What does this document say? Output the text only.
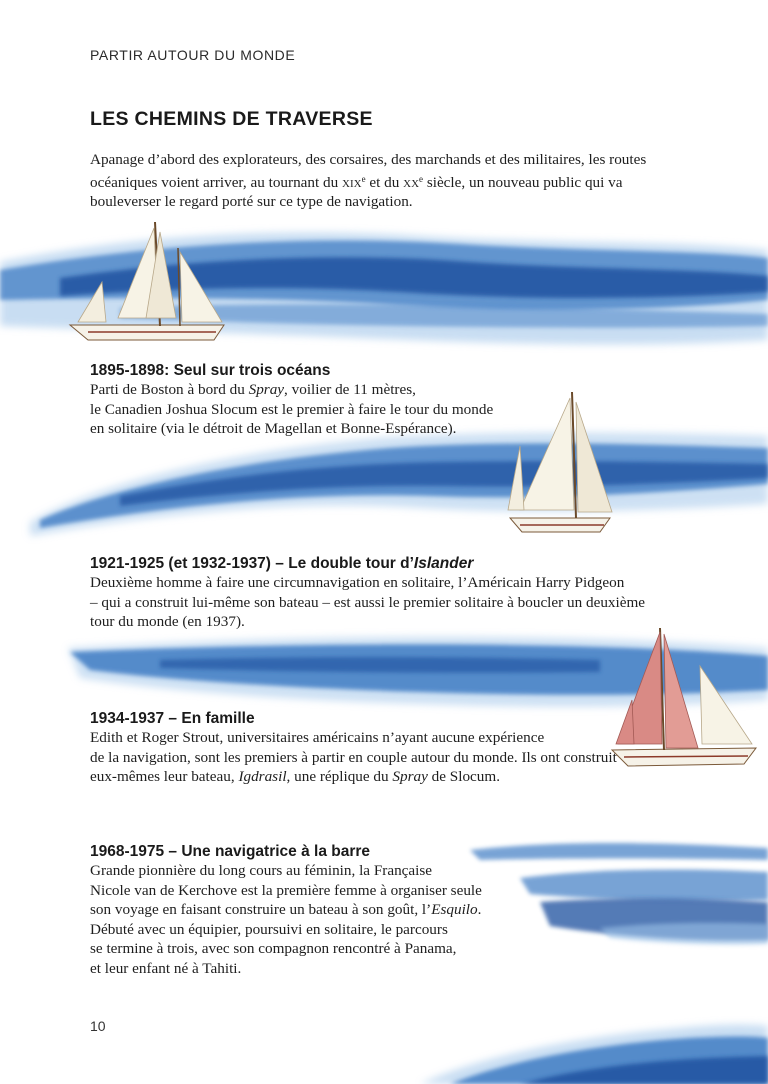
PARTIR AUTOUR DU MONDE
LES CHEMINS DE TRAVERSE

Apanage d’abord des explorateurs, des corsaires, des marchands et des militaires, les routes océaniques voient arriver, au tournant du xix$^e$ et du $xx^e$ siècle, un nouveau public qui va bouleverser le regard porté sur ce type de navigation.

1895-1898: Seul sur trois océans

Parti de Boston à bord du Spray, voilier de 11 mètres,
le Canadien Joshua Slocum est le premier à faire le tour du monde
en solitaire (via le détroit de Magellan et Bonne-Espérance).

1921-1925 (et 1932-1937) – Le double tour d’Islander

Deuxième homme à faire une circumnavigation en solitaire, l’Américain Harry Pidgeon
– qui a construit lui-même son bateau – est aussi le premier solitaire à boucler un deuxième
tour du monde (en 1937).

1934-1937 – En famille

Edith et Roger Strout, universitaires américains n’ayant aucune expérience
de la navigation, sont les premiers à partir en couple autour du monde. Ils ont construit
eux-mêmes leur bateau, Igdrasil, une réplique du Spray de Slocum.

1968-1975 – Une navigatrice à la barre

Grande pionnière du long cours au féminin, la Française
Nicole van de Kerchove est la première femme à organiser seule
son voyage en faisant construire un bateau à son goût, l’Esquilo.
Débuté avec un équipier, poursuivi en solitaire, le parcours
se termine à trois, avec son compagnon rencontré à Panama,
et leur enfant né à Tahiti.

10
